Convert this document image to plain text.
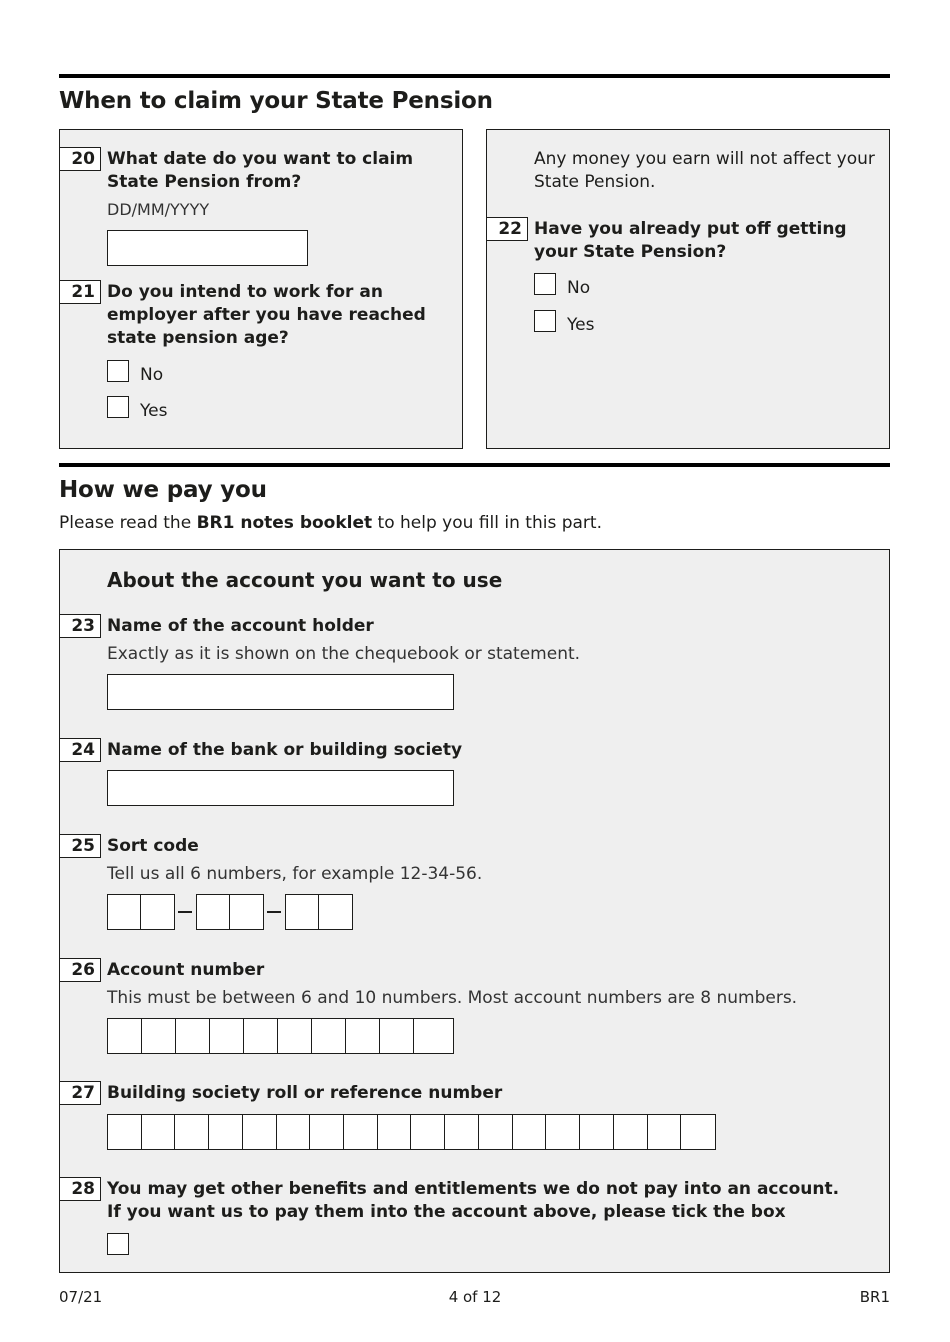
When to claim your State Pension
20 What date do you want to claim State Pension from?
DD/MM/YYYY
21 Do you intend to work for an employer after you have reached state pension age?
No
Yes
Any money you earn will not affect your State Pension.
22 Have you already put off getting your State Pension?
No
Yes
How we pay you
Please read the BR1 notes booklet to help you fill in this part.
About the account you want to use
23 Name of the account holder
Exactly as it is shown on the chequebook or statement.
24 Name of the bank or building society
25 Sort code
Tell us all 6 numbers, for example 12-34-56.
26 Account number
This must be between 6 and 10 numbers. Most account numbers are 8 numbers.
27 Building society roll or reference number
28 You may get other benefits and entitlements we do not pay into an account.
If you want us to pay them into the account above, please tick the box
07/21	4 of 12	BR1
